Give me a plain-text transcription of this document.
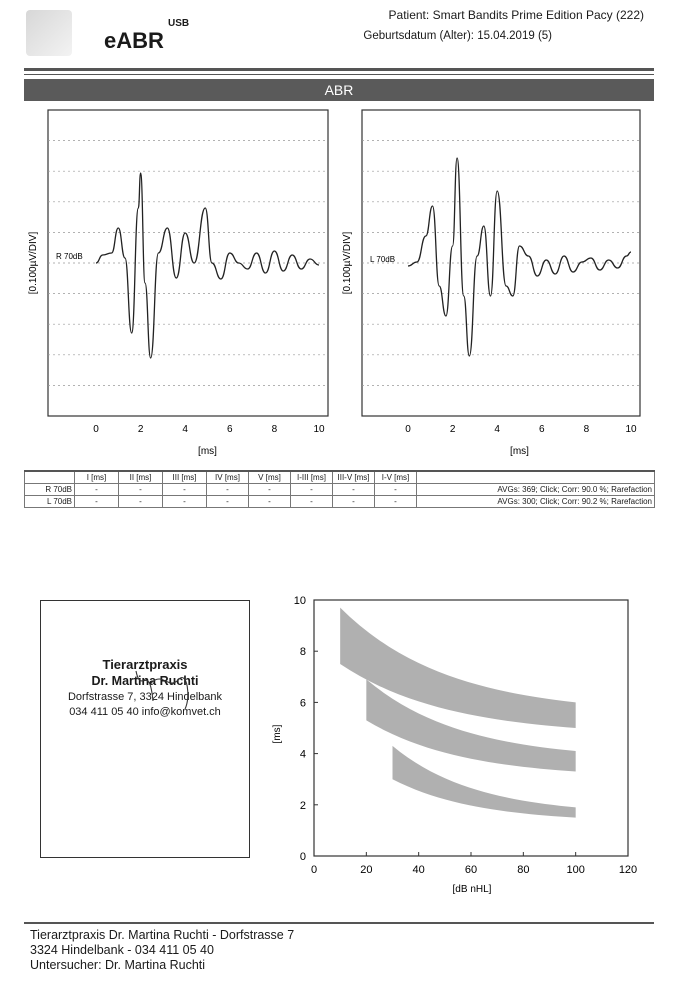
eABR
USB
Patient: Smart Bandits Prime Edition Pacy (222)
Geburtsdatum (Alter): 15.04.2019 (5)
ABR
[0.100µV/DIV] R 70dB
0	2	4	6	8	10
[ms]
[0.100µV/DIV] L 70dB
0	2	4	6	8	10
[ms]
	I [ms]	II [ms]	III [ms]	IV [ms]	V [ms]	I-III [ms]	III-V [ms]	I-V [ms]	
R 70dB	-	-	-	-	-	-	-	-	AVGs: 369; Click; Corr: 90.0 %; Rarefaction
L 70dB	-	-	-	-	-	-	-	-	AVGs: 300; Click; Corr: 90.2 %; Rarefaction
Tierarztpraxis
Dr. Martina Ruchti
Dorfstrasse 7, 3324 Hindelbank
034 411 05 40 info@komvet.ch
0	20	40	60	80	100	120
0
2
4
6
8
10
[dB nHL]
[ms]
Tierarztpraxis Dr. Martina Ruchti - Dorfstrasse 7
3324 Hindelbank - 034 411 05 40
Untersucher: Dr. Martina Ruchti
